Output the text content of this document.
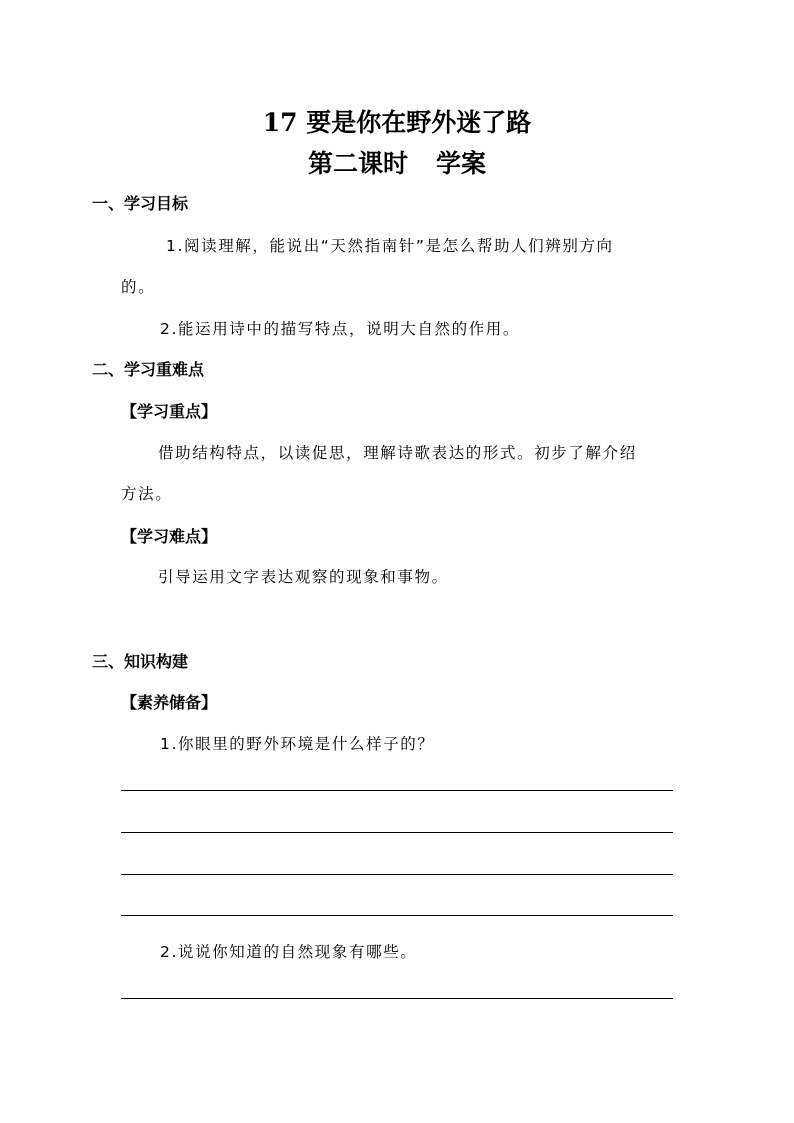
17 要是你在野外迷了路
第二课时 学案
一、学习目标
1.阅读理解，能说出“天然指南针”是怎么帮助人们辨别方向
的。
2.能运用诗中的描写特点，说明大自然的作用。
二、学习重难点
【学习重点】
借助结构特点，以读促思，理解诗歌表达的形式。初步了解介绍
方法。
【学习难点】
引导运用文字表达观察的现象和事物。
三、知识构建
【素养储备】
1.你眼里的野外环境是什么样子的？
2.说说你知道的自然现象有哪些。
